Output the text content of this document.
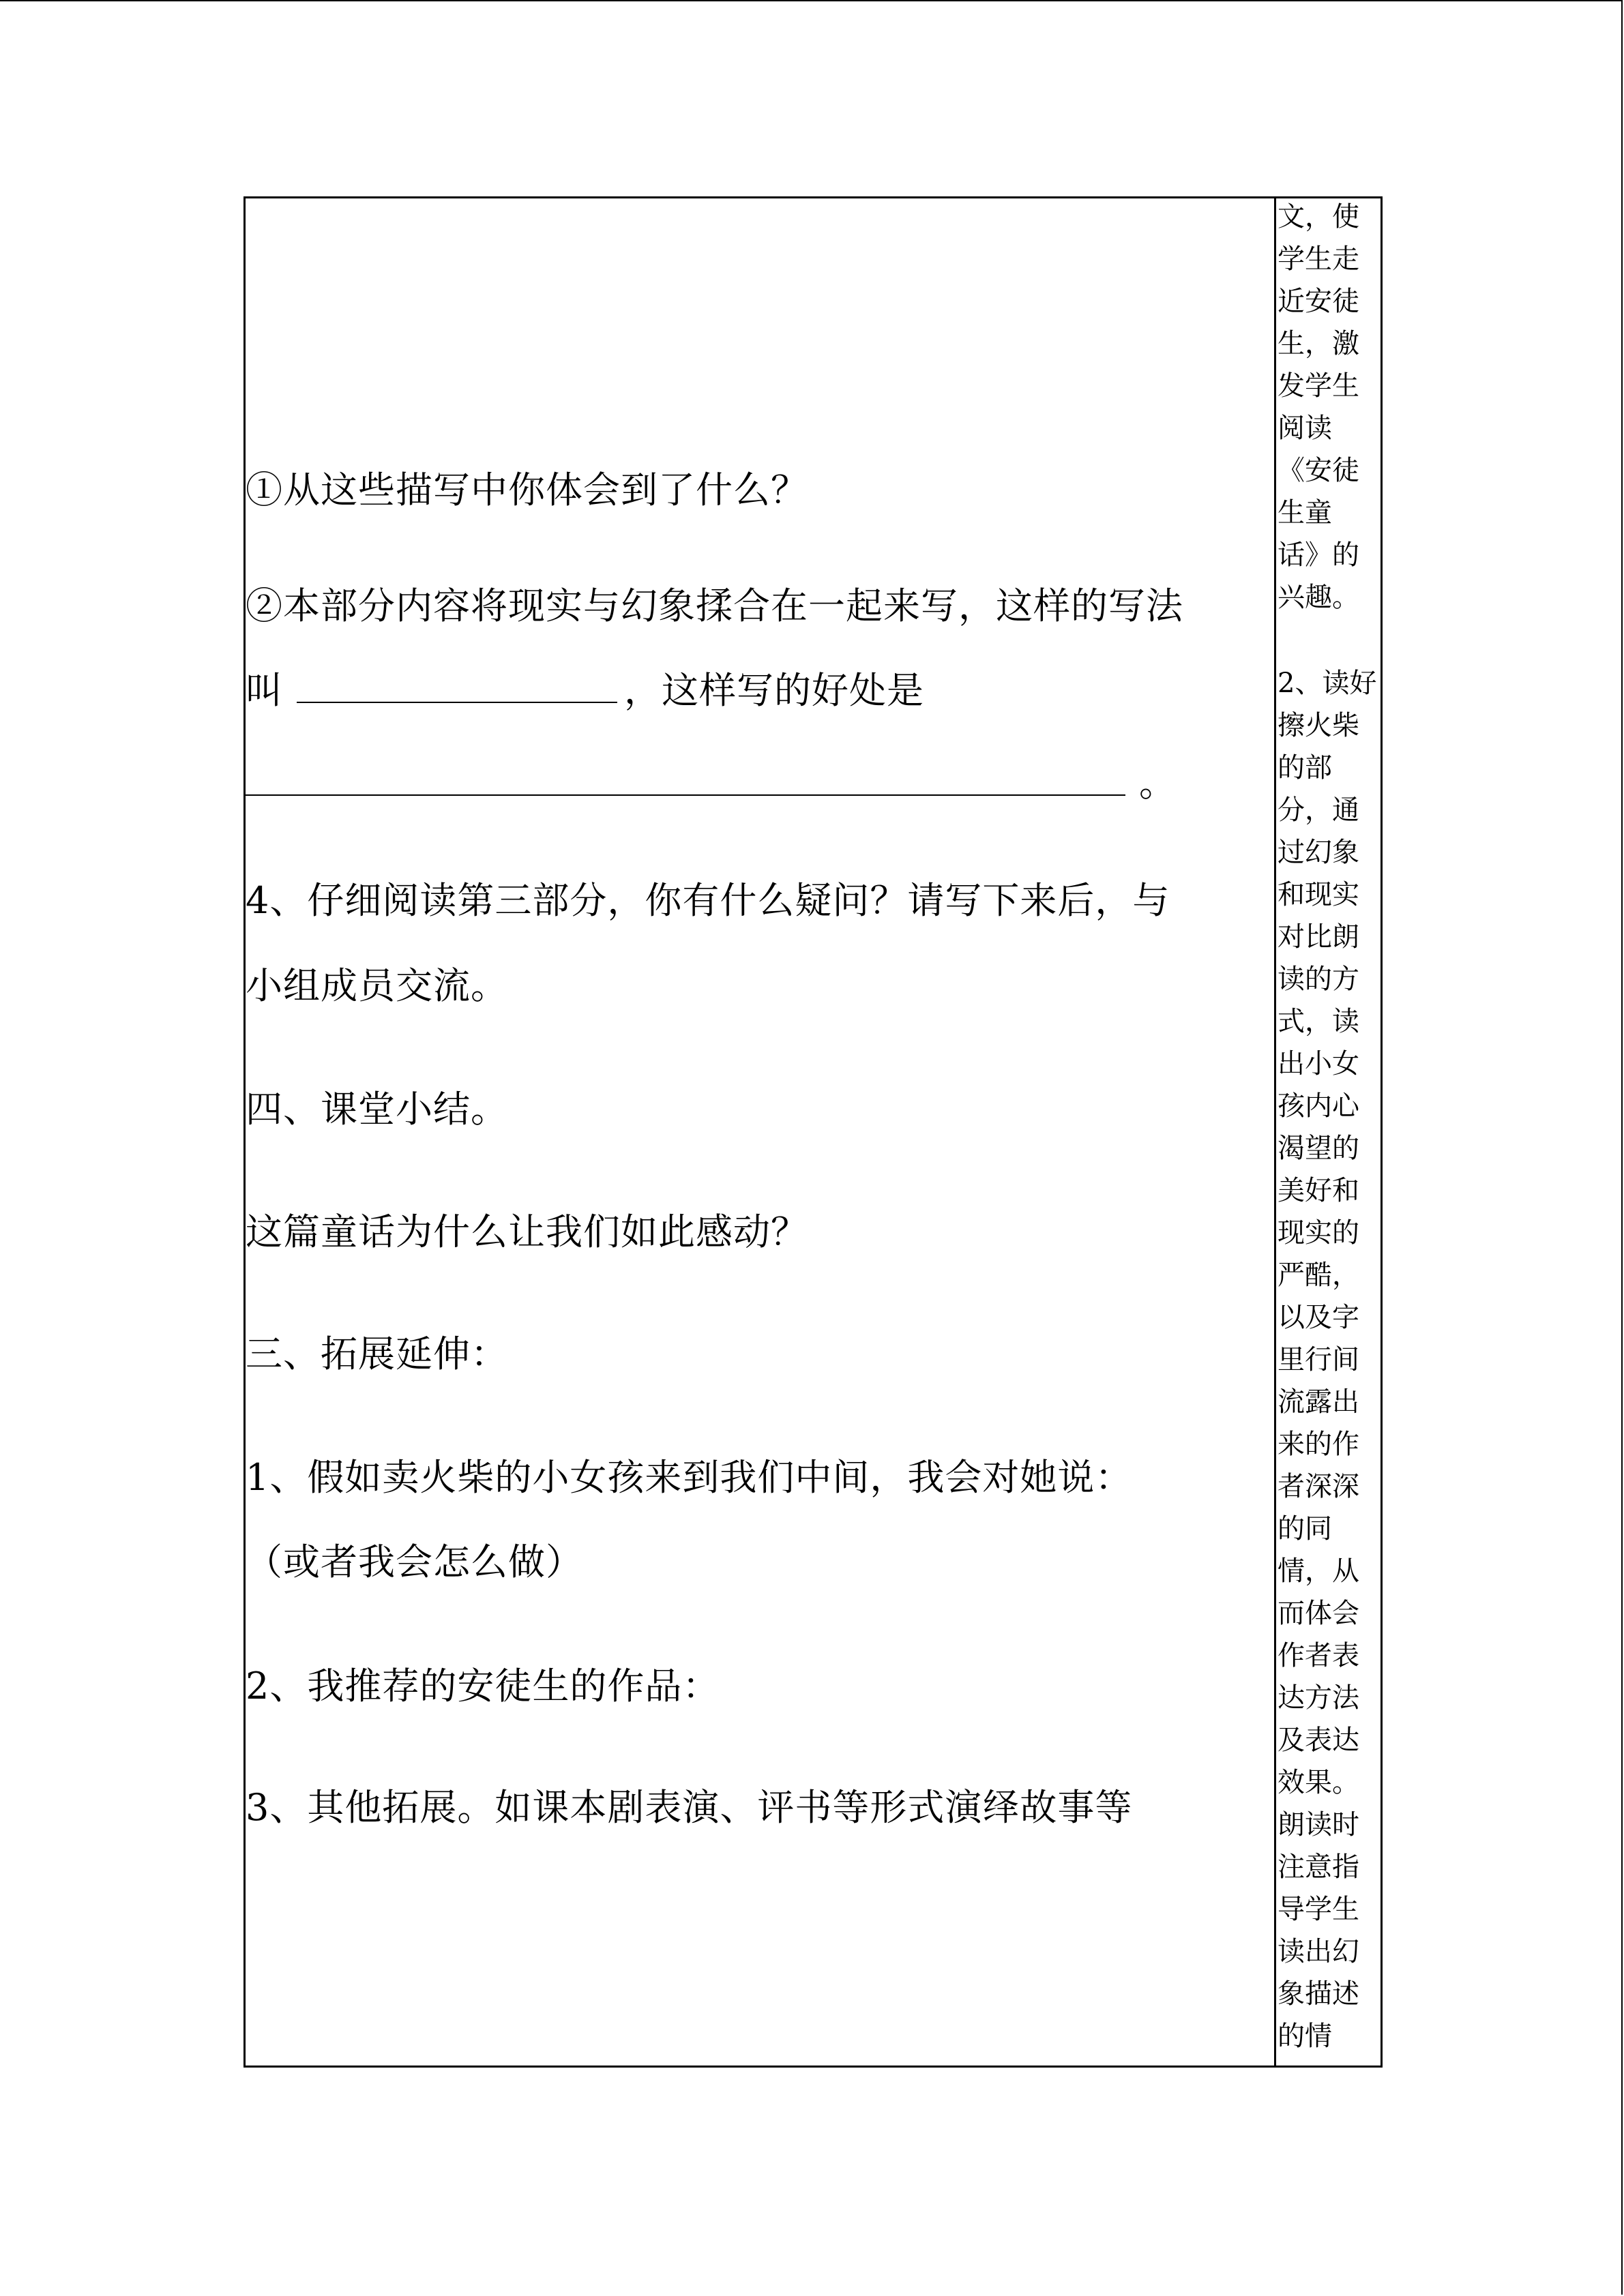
①从这些描写中你体会到了什么？
②本部分内容将现实与幻象揉合在一起来写，这样的写法
叫	，这样写的好处是
。
4、仔细阅读第三部分，你有什么疑问？请写下来后，与
小组成员交流。
四、课堂小结。
这篇童话为什么让我们如此感动？
三、拓展延伸：
1、假如卖火柴的小女孩来到我们中间，我会对她说：
（或者我会怎么做）
2、我推荐的安徒生的作品：
3、其他拓展。如课本剧表演、评书等形式演绎故事等
文，使
学生走
近安徒
生，激
发学生
阅读
《安徒
生童
话》的
兴趣。
2、读好
擦火柴
的部
分，通
过幻象
和现实
对比朗
读的方
式，读
出小女
孩内心
渴望的
美好和
现实的
严酷，
以及字
里行间
流露出
来的作
者深深
的同
情，从
而体会
作者表
达方法
及表达
效果。
朗读时
注意指
导学生
读出幻
象描述
的情
